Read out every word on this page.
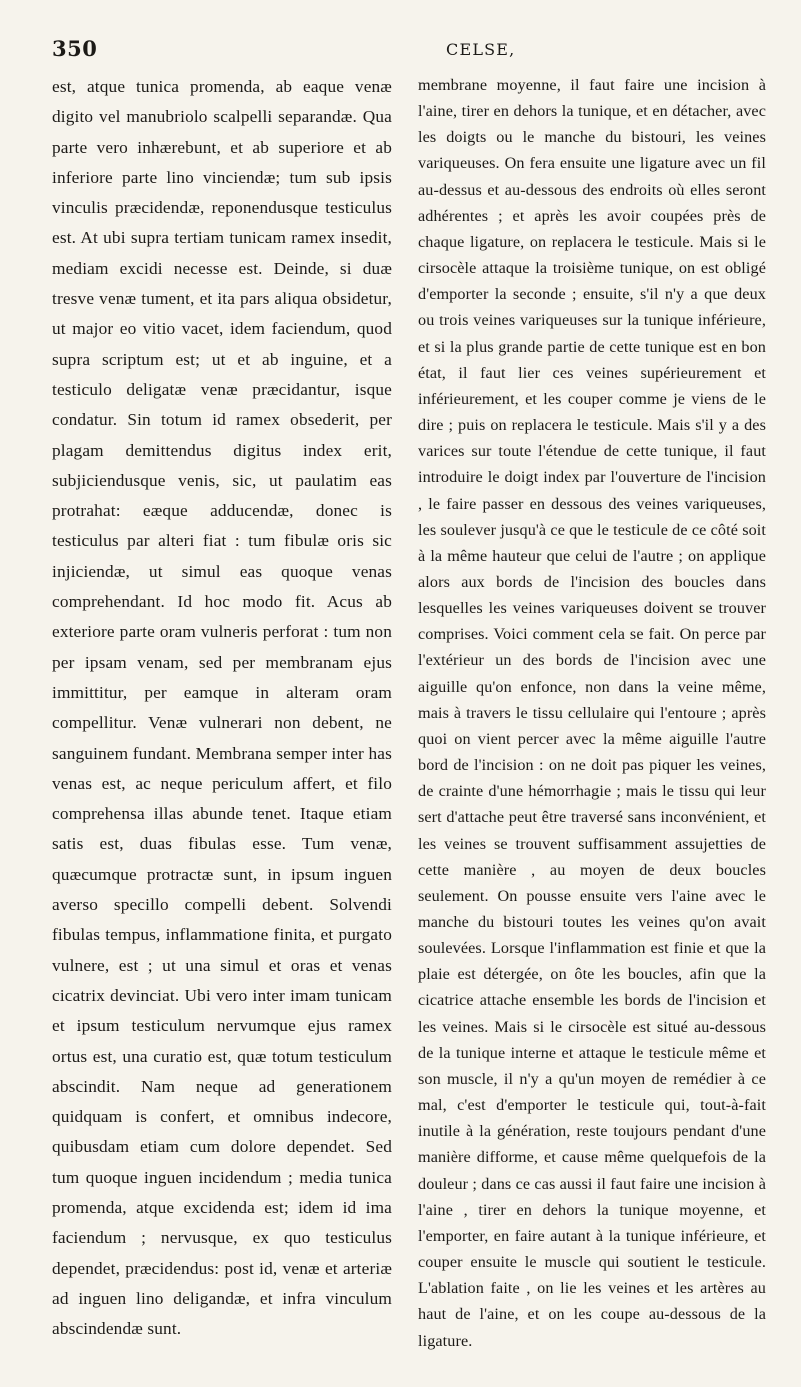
350	CELSE,

est, atque tunica promenda, ab eaque venæ digito vel manubriolo scalpelli separandæ. Qua parte vero inhærebunt, et ab superiore et ab inferiore parte lino vinciendæ; tum sub ipsis vinculis præcidendæ, reponendusque testiculus est. At ubi supra tertiam tunicam ramex insedit, mediam excidi necesse est. Deinde, si duæ tresve venæ tument, et ita pars aliqua obsidetur, ut major eo vitio vacet, idem faciendum, quod supra scriptum est; ut et ab inguine, et a testiculo deligatæ venæ præcidantur, isque condatur. Sin totum id ramex obsederit, per plagam demittendus digitus index erit, subjiciendusque venis, sic, ut paulatim eas protrahat: eæque adducendæ, donec is testiculus par alteri fiat : tum fibulæ oris sic injiciendæ, ut simul eas quoque venas comprehendant. Id hoc modo fit. Acus ab exteriore parte oram vulneris perforat : tum non per ipsam venam, sed per membranam ejus immittitur, per eamque in alteram oram compellitur. Venæ vulnerari non debent, ne sanguinem fundant. Membrana semper inter has venas est, ac neque periculum affert, et filo comprehensa illas abunde tenet. Itaque etiam satis est, duas fibulas esse. Tum venæ, quæcumque protractæ sunt, in ipsum inguen averso specillo compelli debent. Solvendi fibulas tempus, inflammatione finita, et purgato vulnere, est ; ut una simul et oras et venas cicatrix devinciat. Ubi vero inter imam tunicam et ipsum testiculum nervumque ejus ramex ortus est, una curatio est, quæ totum testiculum abscindit. Nam neque ad generationem quidquam is confert, et omnibus indecore, quibusdam etiam cum dolore dependet. Sed tum quoque inguen incidendum ; media tunica promenda, atque excidenda est; idem id ima faciendum ; nervusque, ex quo testiculus dependet, præcidendus: post id, venæ et arteriæ ad inguen lino deligandæ, et infra vinculum abscindendæ sunt.

membrane moyenne, il faut faire une incision à l'aine, tirer en dehors la tunique, et en détacher, avec les doigts ou le manche du bistouri, les veines variqueuses. On fera ensuite une ligature avec un fil au-dessus et au-dessous des endroits où elles seront adhérentes ; et après les avoir coupées près de chaque ligature, on replacera le testicule. Mais si le cirsocèle attaque la troisième tunique, on est obligé d'emporter la seconde ; ensuite, s'il n'y a que deux ou trois veines variqueuses sur la tunique inférieure, et si la plus grande partie de cette tunique est en bon état, il faut lier ces veines supérieurement et inférieurement, et les couper comme je viens de le dire ; puis on replacera le testicule. Mais s'il y a des varices sur toute l'étendue de cette tunique, il faut introduire le doigt index par l'ouverture de l'incision , le faire passer en dessous des veines variqueuses, les soulever jusqu'à ce que le testicule de ce côté soit à la même hauteur que celui de l'autre ; on applique alors aux bords de l'incision des boucles dans lesquelles les veines variqueuses doivent se trouver comprises. Voici comment cela se fait. On perce par l'extérieur un des bords de l'incision avec une aiguille qu'on enfonce, non dans la veine même, mais à travers le tissu cellulaire qui l'entoure ; après quoi on vient percer avec la même aiguille l'autre bord de l'incision : on ne doit pas piquer les veines, de crainte d'une hémorrhagie ; mais le tissu qui leur sert d'attache peut être traversé sans inconvénient, et les veines se trouvent suffisamment assujetties de cette manière , au moyen de deux boucles seulement. On pousse ensuite vers l'aine avec le manche du bistouri toutes les veines qu'on avait soulevées. Lorsque l'inflammation est finie et que la plaie est détergée, on ôte les boucles, afin que la cicatrice attache ensemble les bords de l'incision et les veines. Mais si le cirsocèle est situé au-dessous de la tunique interne et attaque le testicule même et son muscle, il n'y a qu'un moyen de remédier à ce mal, c'est d'emporter le testicule qui, tout-à-fait inutile à la génération, reste toujours pendant d'une manière difforme, et cause même quelquefois de la douleur ; dans ce cas aussi il faut faire une incision à l'aine , tirer en dehors la tunique moyenne, et l'emporter, en faire autant à la tunique inférieure, et couper ensuite le muscle qui soutient le testicule. L'ablation faite , on lie les veines et les artères au haut de l'aine, et on les coupe au-dessous de la ligature.
